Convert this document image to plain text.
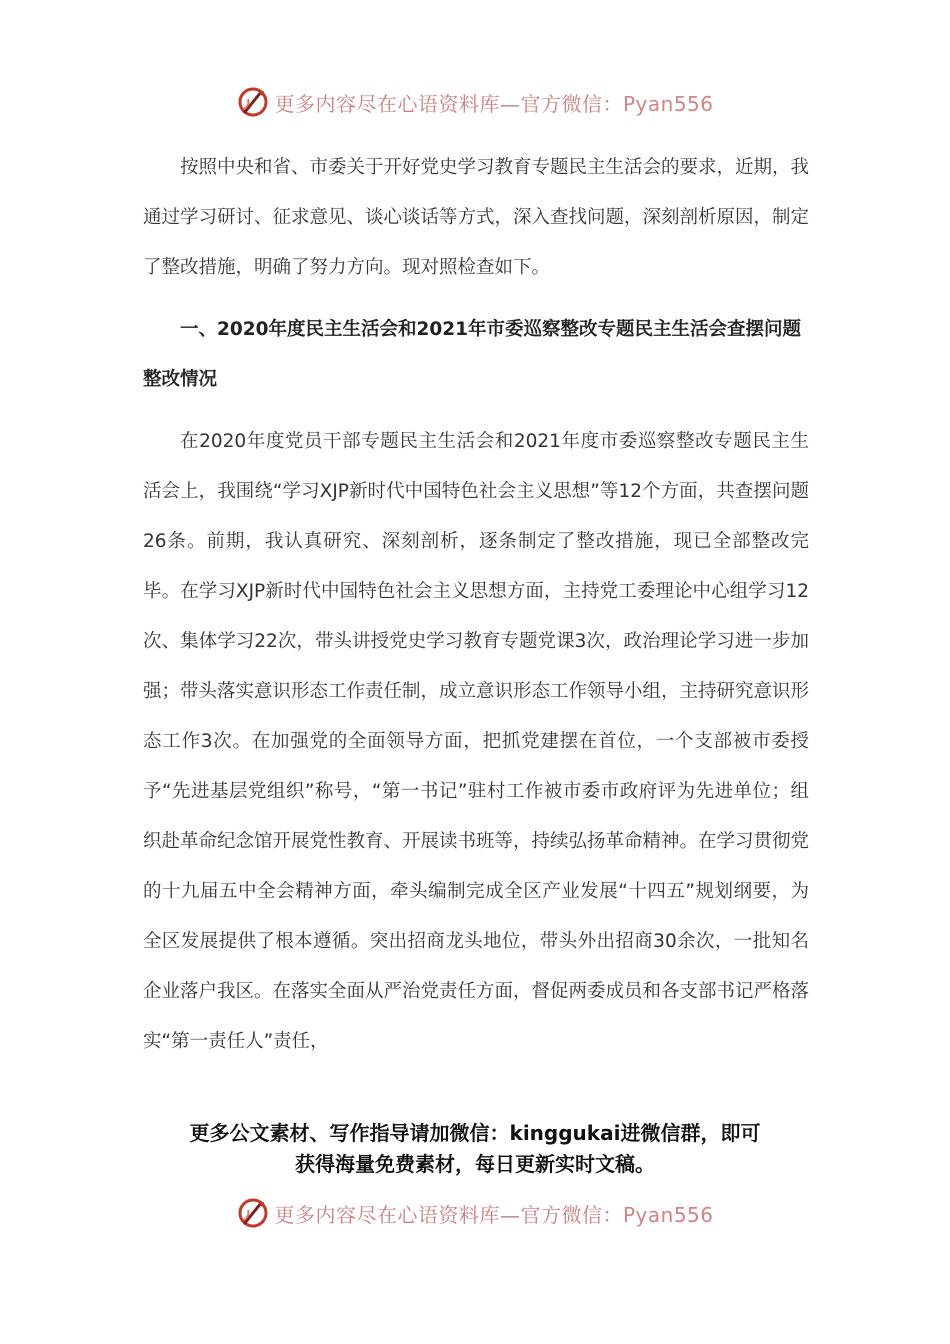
更多内容尽在心语资料库—官方微信：Pyan556

按照中央和省、市委关于开好党史学习教育专题民主生活会的要求，近期，我通过学习研讨、征求意见、谈心谈话等方式，深入查找问题，深刻剖析原因，制定了整改措施，明确了努力方向。现对照检查如下。

一、2020年度民主生活会和2021年市委巡察整改专题民主生活会查摆问题整改情况

在2020年度党员干部专题民主生活会和2021年度市委巡察整改专题民主生活会上，我围绕“学习XJP新时代中国特色社会主义思想”等12个方面，共查摆问题26条。前期，我认真研究、深刻剖析，逐条制定了整改措施，现已全部整改完毕。在学习XJP新时代中国特色社会主义思想方面，主持党工委理论中心组学习12次、集体学习22次，带头讲授党史学习教育专题党课3次，政治理论学习进一步加强；带头落实意识形态工作责任制，成立意识形态工作领导小组，主持研究意识形态工作3次。在加强党的全面领导方面，把抓党建摆在首位，一个支部被市委授予“先进基层党组织”称号，“第一书记”驻村工作被市委市政府评为先进单位；组织赴革命纪念馆开展党性教育、开展读书班等，持续弘扬革命精神。在学习贯彻党的十九届五中全会精神方面，牵头编制完成全区产业发展“十四五”规划纲要，为全区发展提供了根本遵循。突出招商龙头地位，带头外出招商30余次，一批知名企业落户我区。在落实全面从严治党责任方面，督促两委成员和各支部书记严格落实“第一责任人”责任，

更多公文素材、写作指导请加微信：kinggukai进微信群，即可
获得海量免费素材，每日更新实时文稿。
更多内容尽在心语资料库—官方微信：Pyan556
